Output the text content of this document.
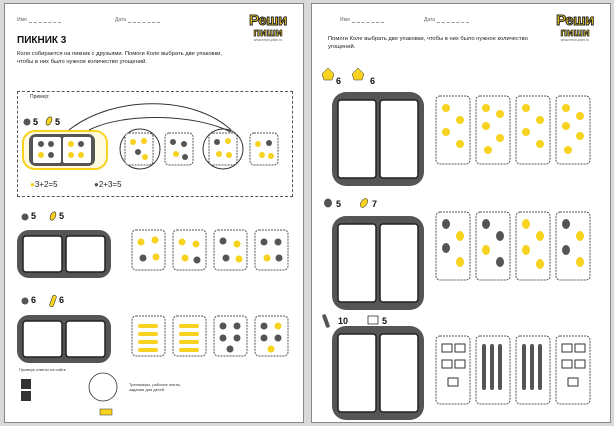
Имя	Дата	Реши
пиши
www.reshi-pishi.ru
ПИКНИК 3
Коля собирается на пикник с друзьями. Помоги Коле выбрать две упаковки, чтобы в них было нужное количество угощений.
Пример:
●3+2=5	●2+3=5
5 5
5	5
6	6
Проверь ответы на сайте
Тренажёры, рабочие листы, задания для детей
Имя	Дата	Реши
пиши
www.reshi-pishi.ru
Помоги Коле выбрать две упаковки, чтобы в них было нужное количество угощений.
6	6
5	7
10	5
